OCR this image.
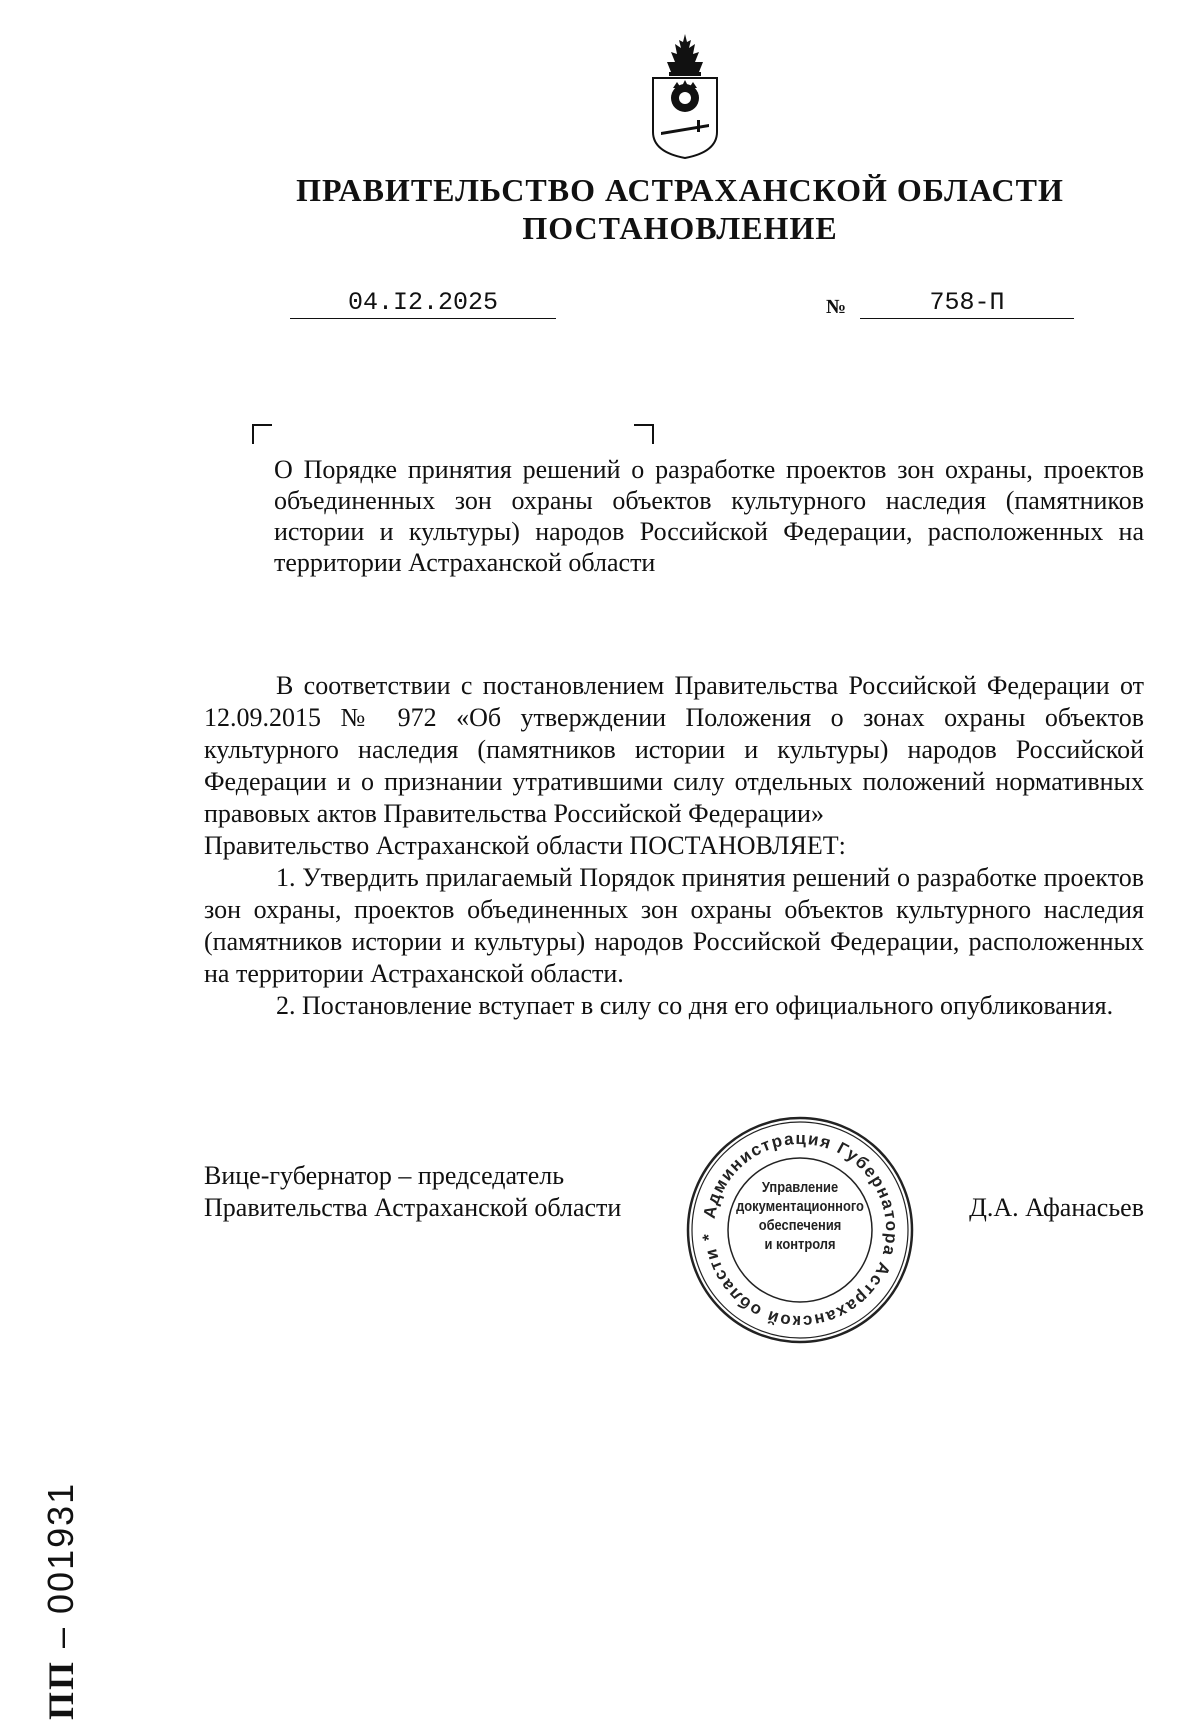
ПРАВИТЕЛЬСТВО АСТРАХАНСКОЙ ОБЛАСТИ
ПОСТАНОВЛЕНИЕ
04.I2.2025	№	758-П
О Порядке принятия решений о разработке проектов зон охраны, проектов объединенных зон охраны объектов культурного наследия (памятников истории и культуры) народов Российской Федерации, расположенных на территории Астраханской области

В соответствии с постановлением Правительства Российской Федерации от 12.09.2015 № 972 «Об утверждении Положения о зонах охраны объектов культурного наследия (памятников истории и культуры) народов Российской Федерации и о признании утратившими силу отдельных положений нормативных правовых актов Правительства Российской Федерации»

Правительство Астраханской области ПОСТАНОВЛЯЕТ:

1. Утвердить прилагаемый Порядок принятия решений о разработке проектов зон охраны, проектов объединенных зон охраны объектов культурного наследия (памятников истории и культуры) народов Российской Федерации, расположенных на территории Астраханской области.

2. Постановление вступает в силу со дня его официального опубликования.

Вице-губернатор – председатель
Правительства Астраханской области	Администрация Губернатора Астраханской области *
Управление
документационного
обеспечения
и контроля
Д.А. Афанасьев
ПП – 001931
